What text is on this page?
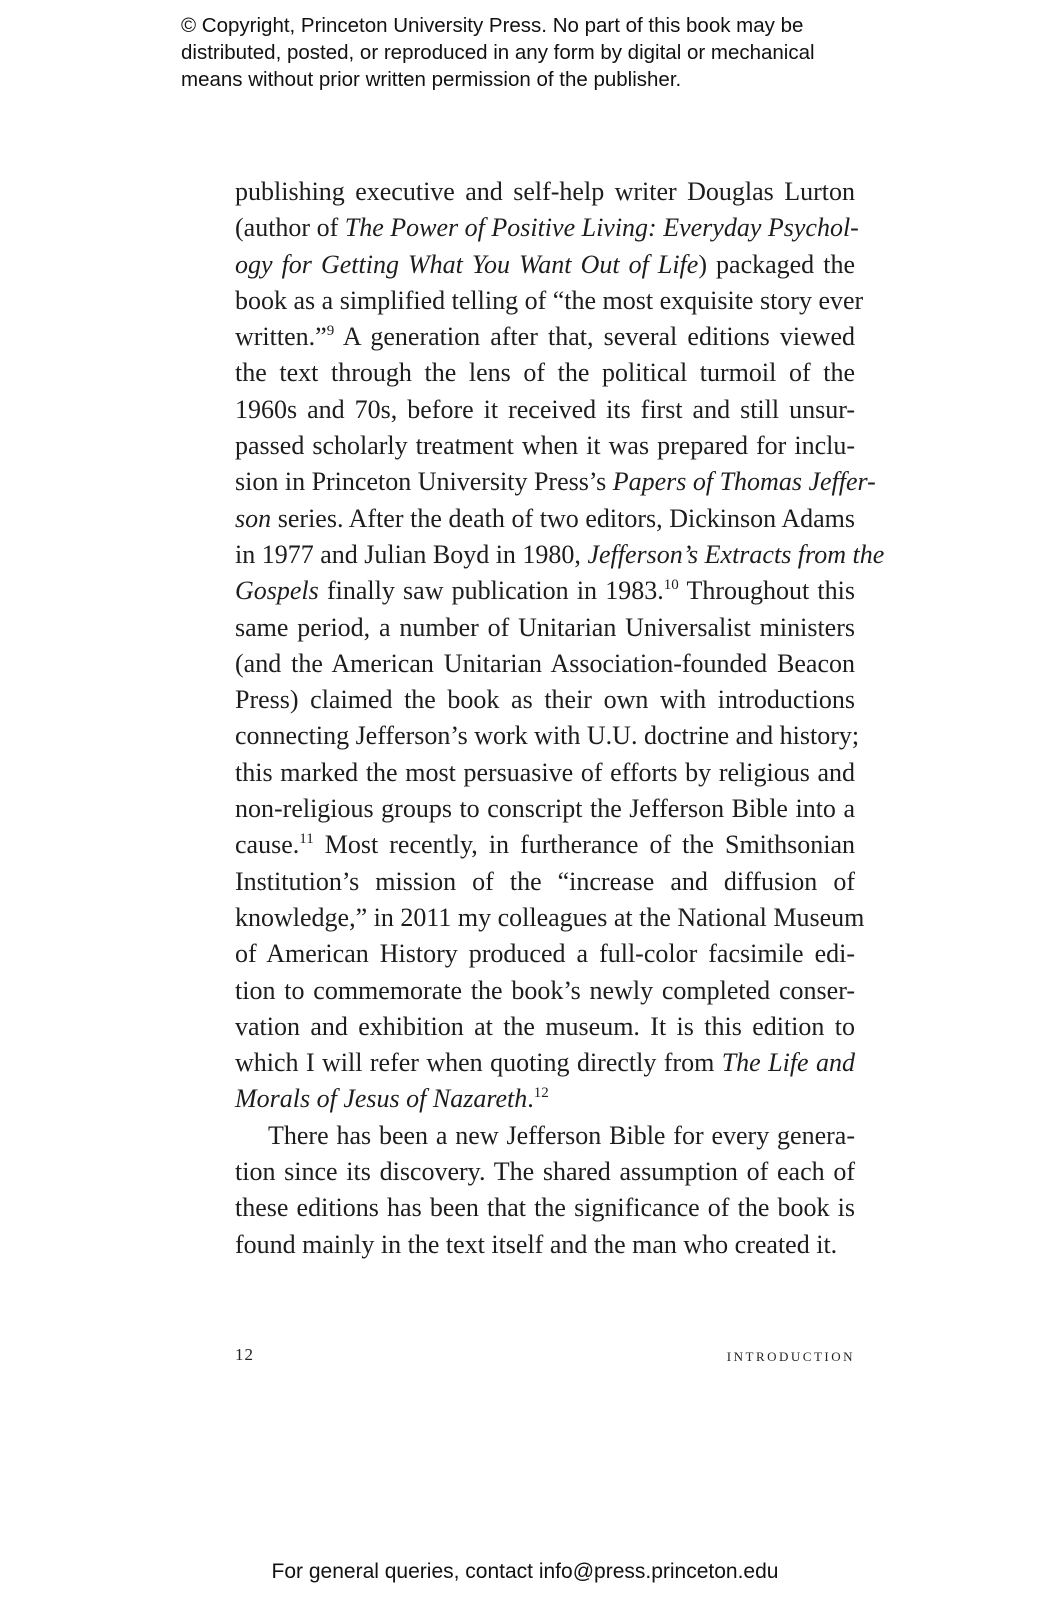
© Copyright, Princeton University Press. No part of this book may be
distributed, posted, or reproduced in any form by digital or mechanical
means without prior written permission of the publisher.
publishing executive and self-help writer Douglas Lurton
(author of The Power of Positive Living: Everyday Psychol-
ogy for Getting What You Want Out of Life) packaged the
book as a simplified telling of “the most exquisite story ever
written.”$^9$ A generation after that, several editions viewed
the text through the lens of the political turmoil of the
1960s and 70s, before it received its first and still unsur-
passed scholarly treatment when it was prepared for inclu-
sion in Princeton University Press’s Papers of Thomas Jeffer-
son series. After the death of two editors, Dickinson Adams
in 1977 and Julian Boyd in 1980, Jefferson’s Extracts from the
Gospels finally saw publication in 1983.10 Throughout this
same period, a number of Unitarian Universalist ministers
(and the American Unitarian Association-founded Beacon
Press) claimed the book as their own with introductions
connecting Jefferson’s work with U.U. doctrine and history;
this marked the most persuasive of efforts by religious and
non-religious groups to conscript the Jefferson Bible into a
cause.$^{11}$ Most recently, in furtherance of the Smithsonian
Institution’s mission of the “increase and diffusion of
knowledge,” in 2011 my colleagues at the National Museum
of American History produced a full-color facsimile edi-
tion to commemorate the book’s newly completed conser-
vation and exhibition at the museum. It is this edition to
which I will refer when quoting directly from The Life and
Morals of Jesus of Nazareth.$^{12}$
There has been a new Jefferson Bible for every genera-
tion since its discovery. The shared assumption of each of
these editions has been that the significance of the book is
found mainly in the text itself and the man who created it.
12	introduction
For general queries, contact info@press.princeton.edu
